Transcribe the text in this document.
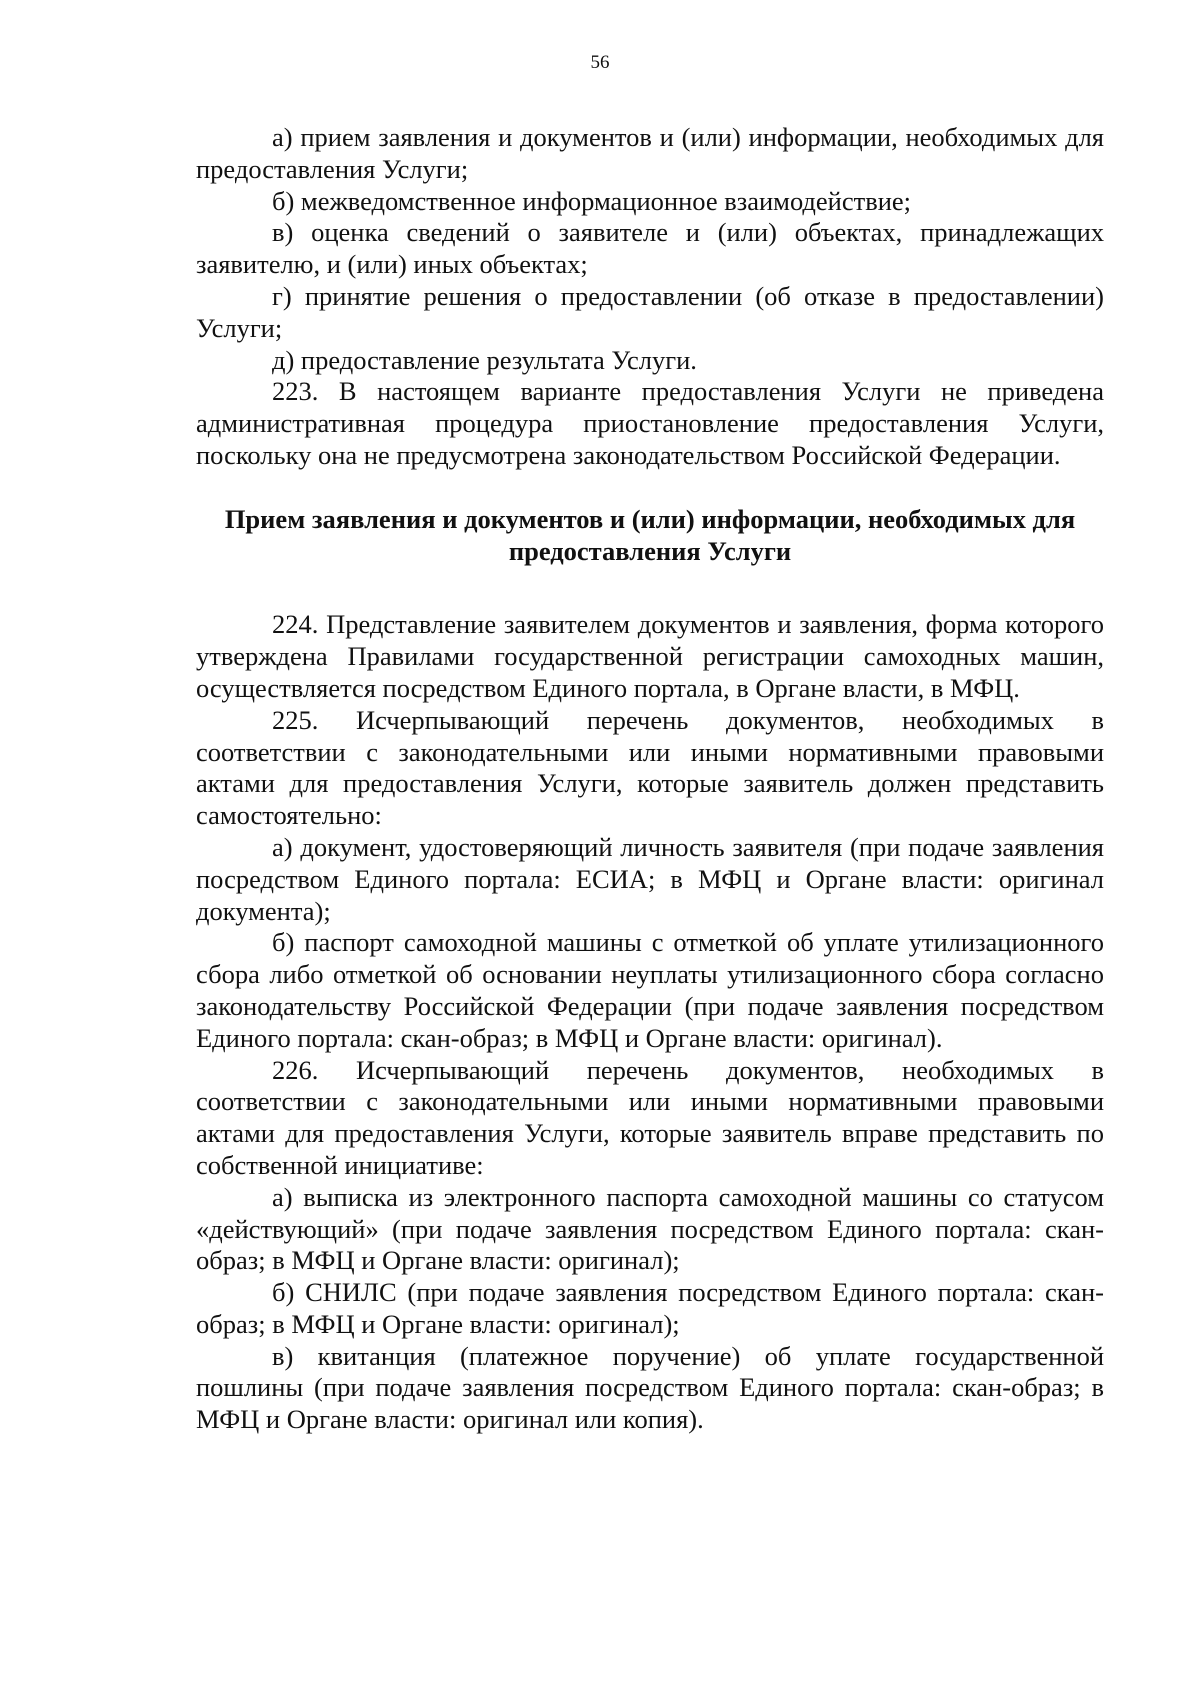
56

а) прием заявления и документов и (или) информации, необходимых для предоставления Услуги;

б) межведомственное информационное взаимодействие;

в) оценка сведений о заявителе и (или) объектах, принадлежащих заявителю, и (или) иных объектах;

г) принятие решения о предоставлении (об отказе в предоставлении) Услуги;

д) предоставление результата Услуги.

223. В настоящем варианте предоставления Услуги не приведена административная процедура приостановление предоставления Услуги, поскольку она не предусмотрена законодательством Российской Федерации.

Прием заявления и документов и (или) информации, необходимых для предоставления Услуги

224. Представление заявителем документов и заявления, форма которого утверждена Правилами государственной регистрации самоходных машин, осуществляется посредством Единого портала, в Органе власти, в МФЦ.

225. Исчерпывающий перечень документов, необходимых в соответствии с законодательными или иными нормативными правовыми актами для предоставления Услуги, которые заявитель должен представить самостоятельно:

а) документ, удостоверяющий личность заявителя (при подаче заявления посредством Единого портала: ЕСИА; в МФЦ и Органе власти: оригинал документа);

б) паспорт самоходной машины с отметкой об уплате утилизационного сбора либо отметкой об основании неуплаты утилизационного сбора согласно законодательству Российской Федерации (при подаче заявления посредством Единого портала: скан-образ; в МФЦ и Органе власти: оригинал).

226. Исчерпывающий перечень документов, необходимых в соответствии с законодательными или иными нормативными правовыми актами для предоставления Услуги, которые заявитель вправе представить по собственной инициативе:

а) выписка из электронного паспорта самоходной машины со статусом «действующий» (при подаче заявления посредством Единого портала: скан-образ; в МФЦ и Органе власти: оригинал);

б) СНИЛС (при подаче заявления посредством Единого портала: скан-образ; в МФЦ и Органе власти: оригинал);

в) квитанция (платежное поручение) об уплате государственной пошлины (при подаче заявления посредством Единого портала: скан-образ; в МФЦ и Органе власти: оригинал или копия).
